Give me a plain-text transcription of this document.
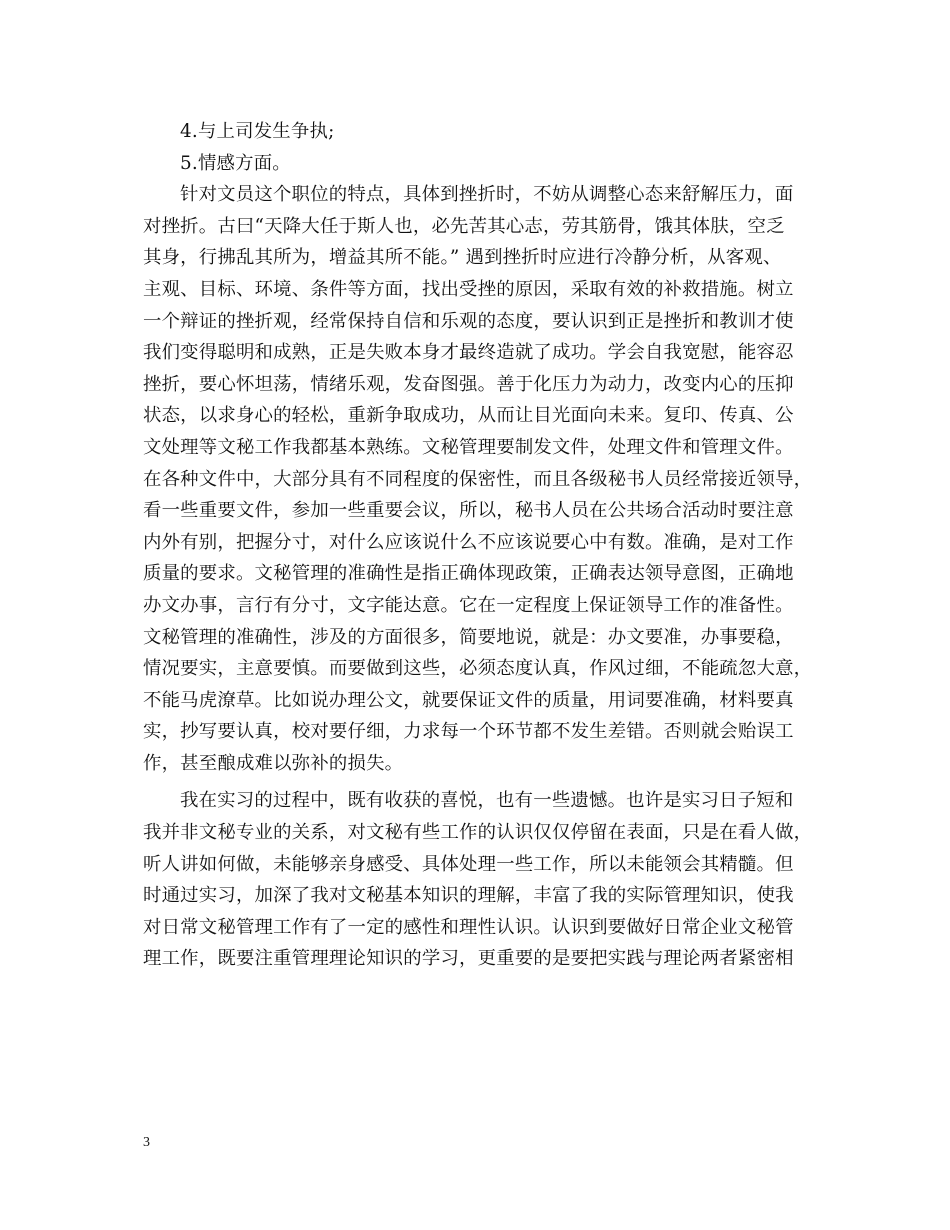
4.与上司发生争执;
5.情感方面。
针对文员这个职位的特点，具体到挫折时，不妨从调整心态来舒解压力，面
对挫折。古曰“天降大任于斯人也，必先苦其心志，劳其筋骨，饿其体肤，空乏
其身，行拂乱其所为，增益其所不能。” 遇到挫折时应进行冷静分析，从客观、
主观、目标、环境、条件等方面，找出受挫的原因，采取有效的补救措施。树立
一个辩证的挫折观，经常保持自信和乐观的态度，要认识到正是挫折和教训才使
我们变得聪明和成熟，正是失败本身才最终造就了成功。学会自我宽慰，能容忍
挫折，要心怀坦荡，情绪乐观，发奋图强。善于化压力为动力，改变内心的压抑
状态，以求身心的轻松，重新争取成功，从而让目光面向未来。复印、传真、公
文处理等文秘工作我都基本熟练。文秘管理要制发文件，处理文件和管理文件。
在各种文件中，大部分具有不同程度的保密性，而且各级秘书人员经常接近领导，
看一些重要文件，参加一些重要会议，所以，秘书人员在公共场合活动时要注意
内外有别，把握分寸，对什么应该说什么不应该说要心中有数。准确，是对工作
质量的要求。文秘管理的准确性是指正确体现政策，正确表达领导意图，正确地
办文办事，言行有分寸，文字能达意。它在一定程度上保证领导工作的准备性。
文秘管理的准确性，涉及的方面很多，简要地说，就是：办文要准，办事要稳，
情况要实，主意要慎。而要做到这些，必须态度认真，作风过细，不能疏忽大意，
不能马虎潦草。比如说办理公文，就要保证文件的质量，用词要准确，材料要真
实，抄写要认真，校对要仔细，力求每一个环节都不发生差错。否则就会贻误工
作，甚至酿成难以弥补的损失。
我在实习的过程中，既有收获的喜悦，也有一些遗憾。也许是实习日子短和
我并非文秘专业的关系，对文秘有些工作的认识仅仅停留在表面，只是在看人做，
听人讲如何做，未能够亲身感受、具体处理一些工作，所以未能领会其精髓。但
时通过实习，加深了我对文秘基本知识的理解，丰富了我的实际管理知识，使我
对日常文秘管理工作有了一定的感性和理性认识。认识到要做好日常企业文秘管
理工作，既要注重管理理论知识的学习，更重要的是要把实践与理论两者紧密相
3
